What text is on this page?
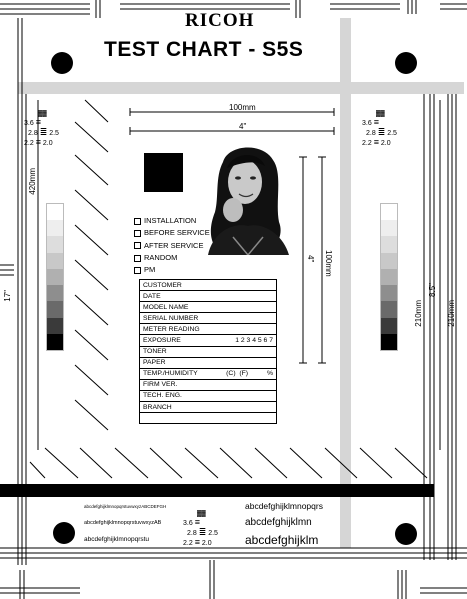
RICOH
TEST CHART - S5S
100mm
4"
4" 100mm
420mm
17"
210mm
8.5"
210mm
▓▓
3.6 ≡
2.8 ≣ 2.5
2.2 ≡ 2.0
▓▓
3.6 ≡
2.8 ≣ 2.5
2.2 ≡ 2.0
▓▓
3.6 ≡
2.8 ≣ 2.5
2.2 ≡ 2.0
INSTALLATION
BEFORE SERVICE
AFTER SERVICE
RANDOM
PM
CUSTOMER
DATE
MODEL NAME
SERIAL NUMBER
METER READING
EXPOSURE	1 2 3 4 5 6 7

TONER
PAPER
TEMP./HUMIDITY	(C)  (F)          %

FIRM VER.
TECH. ENG.
BRANCH

abcdefghijklmnopqrstuvwxyzABCDEFGH
abcdefghijklmnopqrstuvwxyzAB
abcdefghijklmnopqrstu
abcdefghijklmnopqrs
abcdefghijklmn
abcdefghijklm
